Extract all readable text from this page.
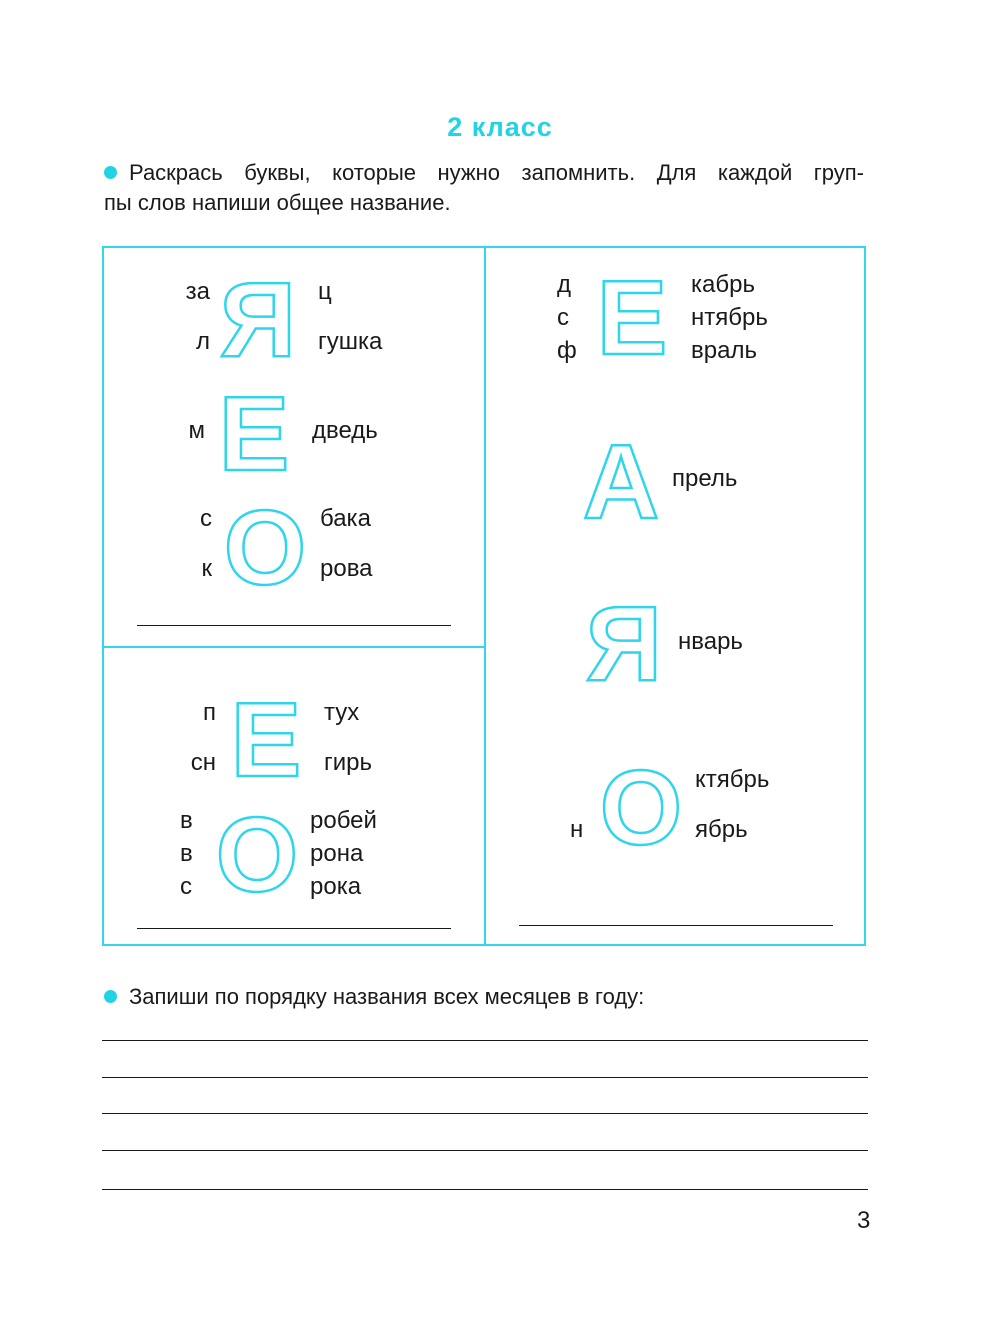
2 класс
Раскрась буквы, которые нужно запомнить. Для каждой груп-
пы слов напиши общее название.
за
л Я ц
гушка
м Е дведь
с
к О бака
рова
п
сн Е тух
гирь
в
в
с О робей
рона
рока
д
с
ф Е кабрь
нтябрь
враль
А прель
Я нварь
н О ктябрь
ябрь
Запиши по порядку названия всех месяцев в году:
3
